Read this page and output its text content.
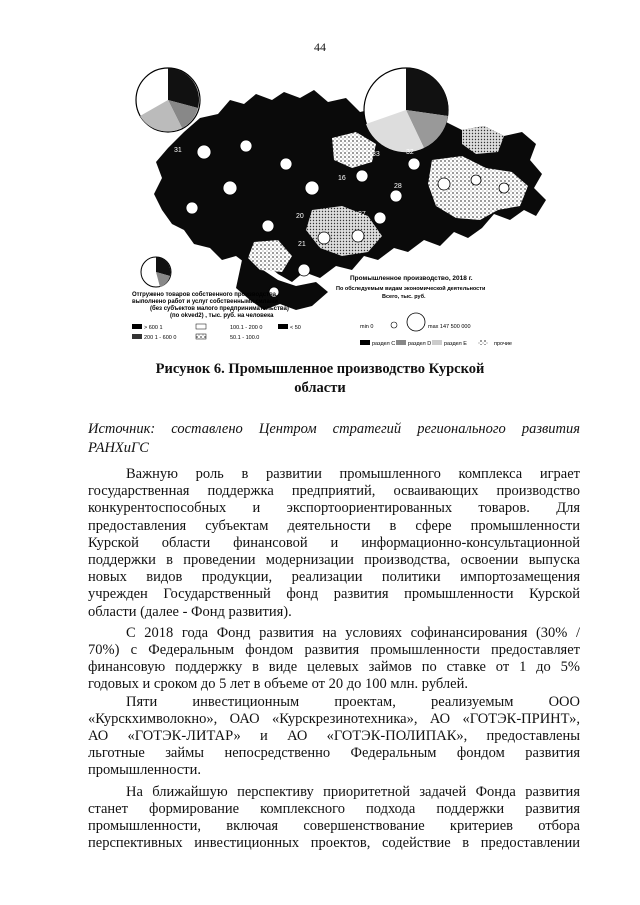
44
31
16
33	32
28
20	27
21
Отгружено товаров собственного производства,
выполнено работ и услуг собственными силами
(без субъектов малого предпринимательства)
(по okved2) , тыс. руб. на человека
> 600 1	100.1 - 200 0	< 50
200 1 - 600 0	50.1 - 100.0
Промышленное производство, 2018 г.
По обследуемым видам экономической деятельности
Всего, тыс. руб.
min 0	max 147 500 000
раздел С раздел D раздел Е	прочие
Рисунок 6. Промышленное производство Курской
области
Источник: составлено Центром стратегий регионального развития
РАНХиГС
Важную роль в развитии промышленного комплекса играет
государственная поддержка предприятий, осваивающих производство
конкурентоспособных и экспортоориентированных товаров. Для
предоставления субъектам деятельности в сфере промышленности
Курской области финансовой и информационно-консультационной
поддержки в проведении модернизации производства, освоении выпуска
новых видов продукции, реализации политики импортозамещения
учрежден Государственный фонд развития промышленности Курской
области (далее - Фонд развития).
С 2018 года Фонд развития на условиях софинансирования (30% /
70%) с Федеральным фондом развития промышленности предоставляет
финансовую поддержку в виде целевых займов по ставке от 1 до 5%
годовых и сроком до 5 лет в объеме от 20 до 100 млн. рублей.
Пяти инвестиционным проектам, реализуемым ООО
«Курскхимволокно», ОАО «Курскрезинотехника», АО «ГОТЭК-ПРИНТ»,
АО «ГОТЭК-ЛИТАР» и АО «ГОТЭК-ПОЛИПАК», предоставлены
льготные займы непосредственно Федеральным фондом развития
промышленности.
На ближайшую перспективу приоритетной задачей Фонда развития
станет формирование комплексного подхода поддержки развития
промышленности, включая совершенствование критериев отбора
перспективных инвестиционных проектов, содействие в предоставлении
